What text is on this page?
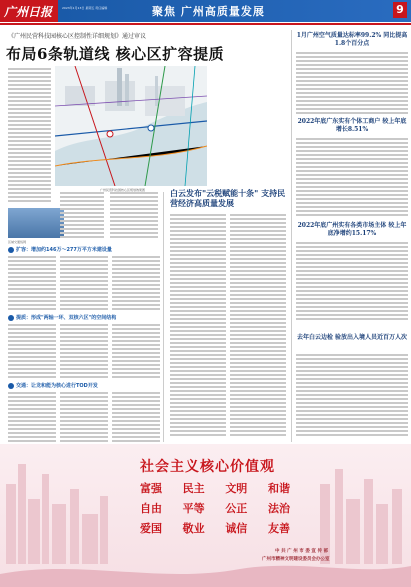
广州日报	2023年1月13日 星期五 责任编辑	聚焦 广州高质量发展	9
《广州民营科技园核心区控制性详细规划》通过审议
布局6条轨道线 核心区扩容提质
广州民营科技园核心区规划效果图
区域交通线网
扩容：增加约146万～277万平方米建设量
提质：形成"两轴一环、双核六区"的空间结构
交通：让龙和能为核心进行TOD开发
白云发布"云税赋能十条" 支持民营经济高质量发展
1月广州空气质量达标率99.2% 同比提高1.8个百分点
2022年底广东实有个体工商户 较上年底增长8.51%
2022年底广州实有各类市场主体 较上年底净增约15.17%
去年白云边检 验放出入境人员近百万人次
社会主义核心价值观
富强 民主 文明 和谐
自由 平等 公正 法治
爱国 敬业 诚信 友善
中 共 广 州 市 委 宣 传 部
广州市精神文明建设委员会办公室
